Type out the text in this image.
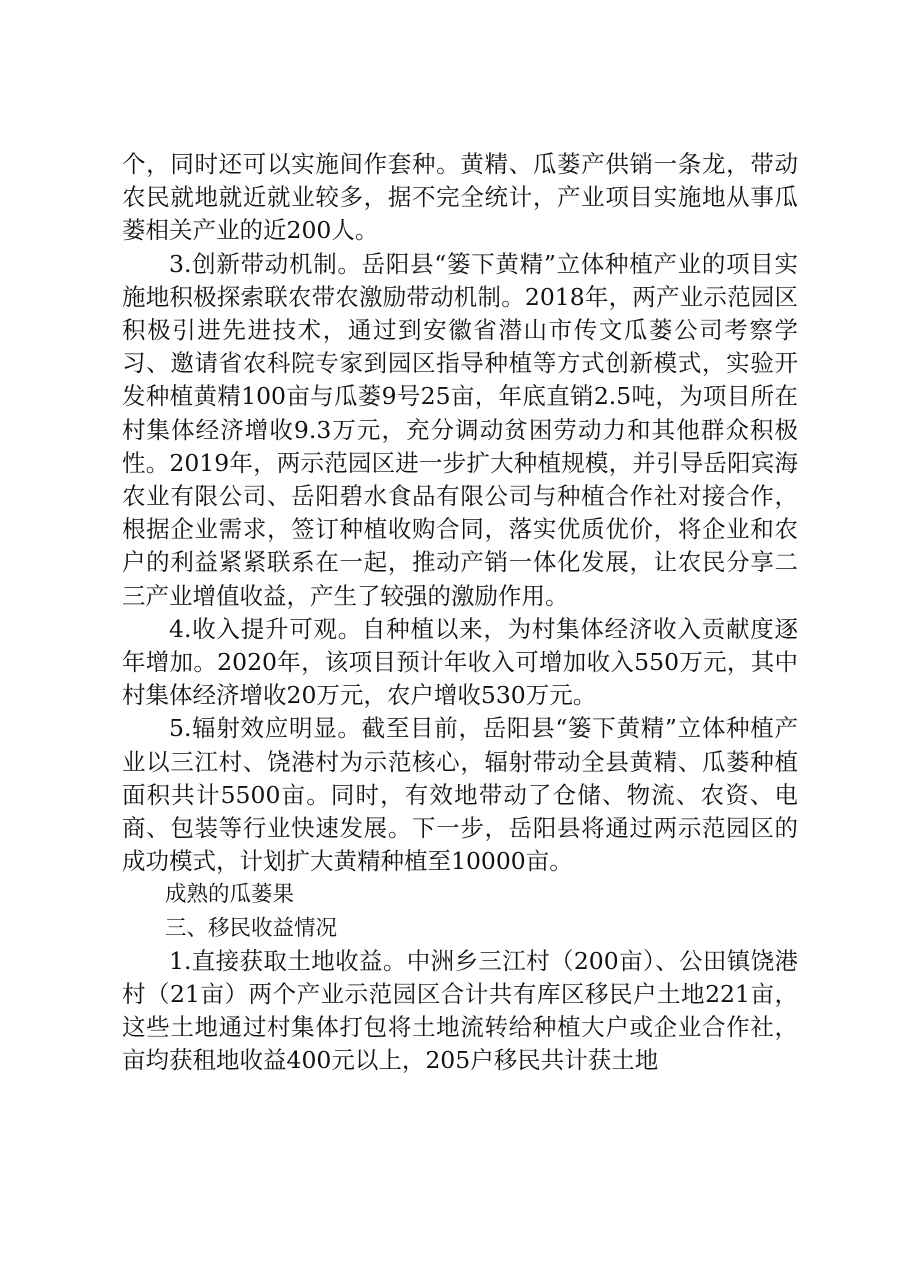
个，同时还可以实施间作套种。黄精、瓜蒌产供销一条龙，带动农民就地就近就业较多，据不完全统计，产业项目实施地从事瓜蒌相关产业的近200人。

3.创新带动机制。岳阳县“篓下黄精”立体种植产业的项目实施地积极探索联农带农激励带动机制。2018年，两产业示范园区积极引进先进技术，通过到安徽省潜山市传文瓜蒌公司考察学习、邀请省农科院专家到园区指导种植等方式创新模式，实验开发种植黄精100亩与瓜蒌9号25亩，年底直销2.5吨，为项目所在村集体经济增收9.3万元，充分调动贫困劳动力和其他群众积极性。2019年，两示范园区进一步扩大种植规模，并引导岳阳宾海农业有限公司、岳阳碧水食品有限公司与种植合作社对接合作，根据企业需求，签订种植收购合同，落实优质优价，将企业和农户的利益紧紧联系在一起，推动产销一体化发展，让农民分享二三产业增值收益，产生了较强的激励作用。

4.收入提升可观。自种植以来，为村集体经济收入贡献度逐年增加。2020年，该项目预计年收入可增加收入550万元，其中村集体经济增收20万元，农户增收530万元。

5.辐射效应明显。截至目前，岳阳县“篓下黄精”立体种植产业以三江村、饶港村为示范核心，辐射带动全县黄精、瓜蒌种植面积共计5500亩。同时，有效地带动了仓储、物流、农资、电商、包装等行业快速发展。下一步，岳阳县将通过两示范园区的成功模式，计划扩大黄精种植至10000亩。

成熟的瓜蒌果

三、移民收益情况

1.直接获取土地收益。中洲乡三江村（200亩）、公田镇饶港村（21亩）两个产业示范园区合计共有库区移民户土地221亩，这些土地通过村集体打包将土地流转给种植大户或企业合作社，亩均获租地收益400元以上，205户移民共计获土地
